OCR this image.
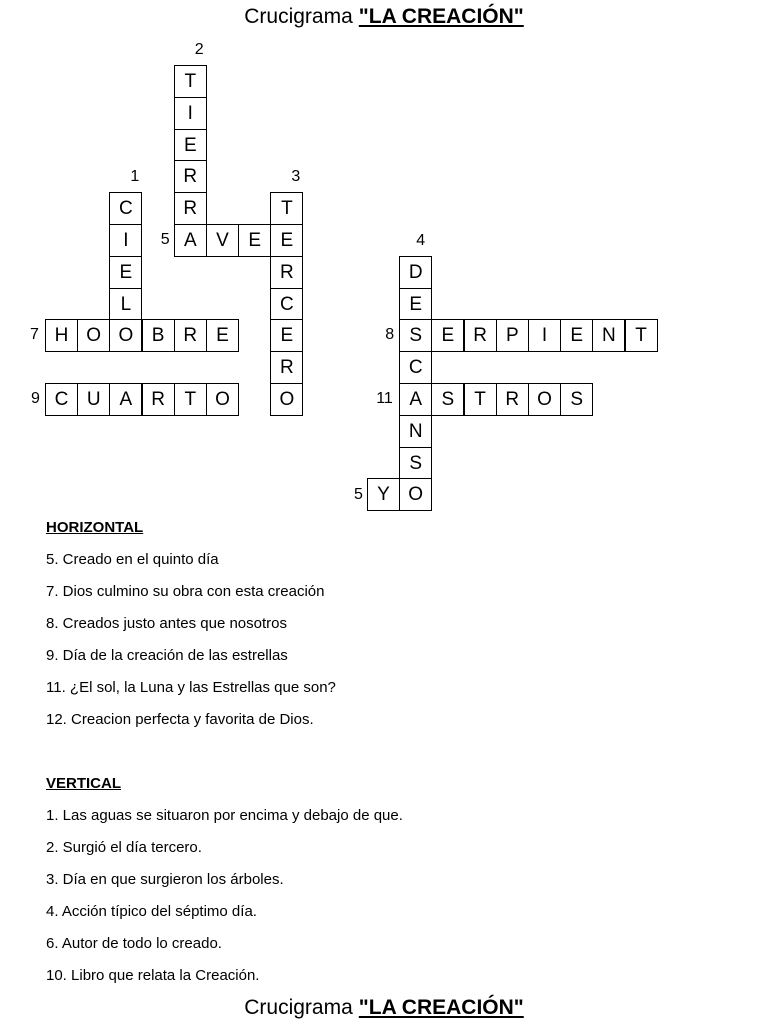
Crucigrama "LA CREACIÓN"
C
I
E
L
O
1
T
I
E
R
R
A
2
T
E
R
C
E
R
O
3
D
E
S
C
A
N
S
O
4
V	E
5
H O	B R	E
7	E R	P	I	E N	T
8
C U	A R	T	O
9	S	T	R O S
11
Y
5
HORIZONTAL
5. Creado en el quinto día
7. Dios culmino su obra con esta creación
8. Creados justo antes que nosotros
9. Día de la creación de las estrellas
11. ¿El sol, la Luna y las Estrellas que son?
12. Creacion perfecta y favorita de Dios.
VERTICAL
1. Las aguas se situaron por encima y debajo de que.
2. Surgió el día tercero.
3. Día en que surgieron los árboles.
4. Acción típico del séptimo día.
6. Autor de todo lo creado.
10. Libro que relata la Creación.
Crucigrama "LA CREACIÓN"
